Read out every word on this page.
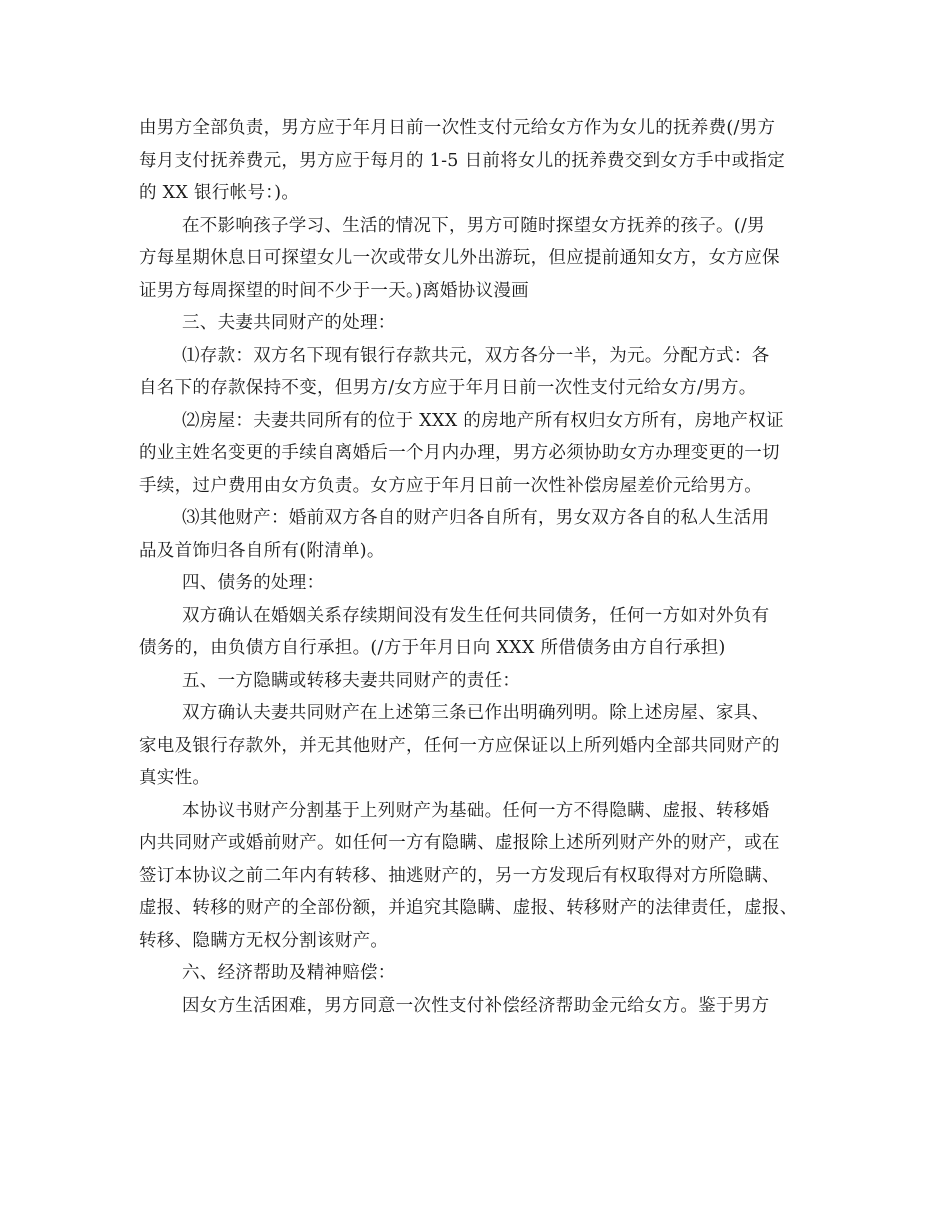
由男方全部负责，男方应于年月日前一次性支付元给女方作为女儿的抚养费(/男方
每月支付抚养费元，男方应于每月的 1-5 日前将女儿的抚养费交到女方手中或指定
的 XX 银行帐号：)。
在不影响孩子学习、生活的情况下，男方可随时探望女方抚养的孩子。(/男
方每星期休息日可探望女儿一次或带女儿外出游玩，但应提前通知女方，女方应保
证男方每周探望的时间不少于一天。)离婚协议漫画
三、夫妻共同财产的处理：
⑴存款：双方名下现有银行存款共元，双方各分一半，为元。分配方式：各
自名下的存款保持不变，但男方/女方应于年月日前一次性支付元给女方/男方。
⑵房屋：夫妻共同所有的位于 XXX 的房地产所有权归女方所有，房地产权证
的业主姓名变更的手续自离婚后一个月内办理，男方必须协助女方办理变更的一切
手续，过户费用由女方负责。女方应于年月日前一次性补偿房屋差价元给男方。
⑶其他财产：婚前双方各自的财产归各自所有，男女双方各自的私人生活用
品及首饰归各自所有(附清单)。
四、债务的处理：
双方确认在婚姻关系存续期间没有发生任何共同债务，任何一方如对外负有
债务的，由负债方自行承担。(/方于年月日向 XXX 所借债务由方自行承担)
五、一方隐瞒或转移夫妻共同财产的责任：
双方确认夫妻共同财产在上述第三条已作出明确列明。除上述房屋、家具、
家电及银行存款外，并无其他财产，任何一方应保证以上所列婚内全部共同财产的
真实性。
本协议书财产分割基于上列财产为基础。任何一方不得隐瞒、虚报、转移婚
内共同财产或婚前财产。如任何一方有隐瞒、虚报除上述所列财产外的财产，或在
签订本协议之前二年内有转移、抽逃财产的，另一方发现后有权取得对方所隐瞒、
虚报、转移的财产的全部份额，并追究其隐瞒、虚报、转移财产的法律责任，虚报、
转移、隐瞒方无权分割该财产。
六、经济帮助及精神赔偿：
因女方生活困难，男方同意一次性支付补偿经济帮助金元给女方。鉴于男方
